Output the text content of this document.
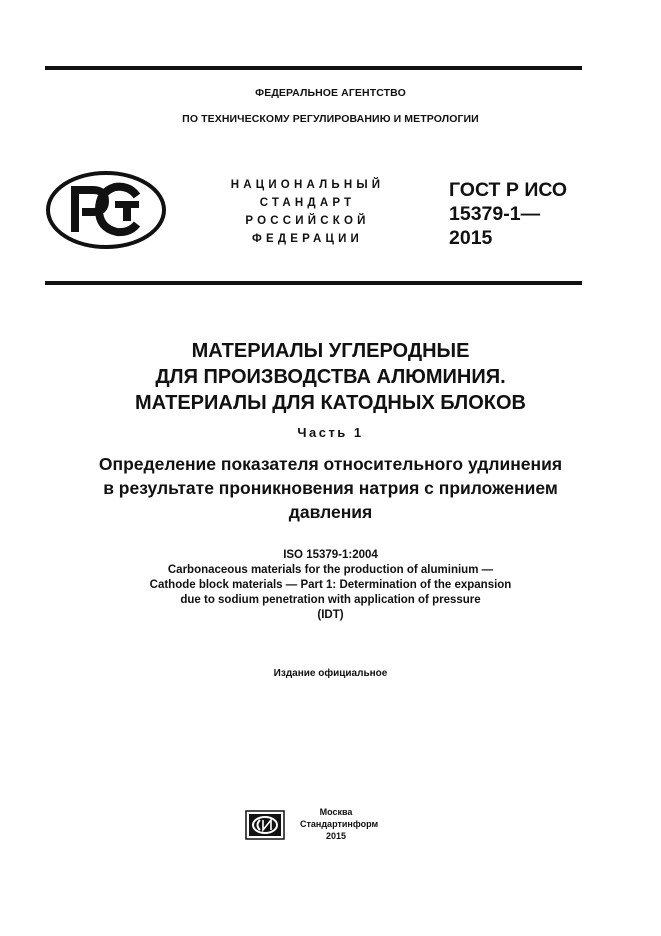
ФЕДЕРАЛЬНОЕ АГЕНТСТВО
ПО ТЕХНИЧЕСКОМУ РЕГУЛИРОВАНИЮ И МЕТРОЛОГИИ
НАЦИОНАЛЬНЫЙ
СТАНДАРТ
РОССИЙСКОЙ
ФЕДЕРАЦИИ
ГОСТ Р ИСО
15379-1—
2015
МАТЕРИАЛЫ УГЛЕРОДНЫЕ
ДЛЯ ПРОИЗВОДСТВА АЛЮМИНИЯ.
МАТЕРИАЛЫ ДЛЯ КАТОДНЫХ БЛОКОВ
Часть 1
Определение показателя относительного удлинения
в результате проникновения натрия с приложением
давления
ISO 15379-1:2004
Carbonaceous materials for the production of aluminium —
Cathode block materials — Part 1: Determination of the expansion
due to sodium penetration with application of pressure
(IDT)
Издание официальное
Москва
Стандартинформ
2015
